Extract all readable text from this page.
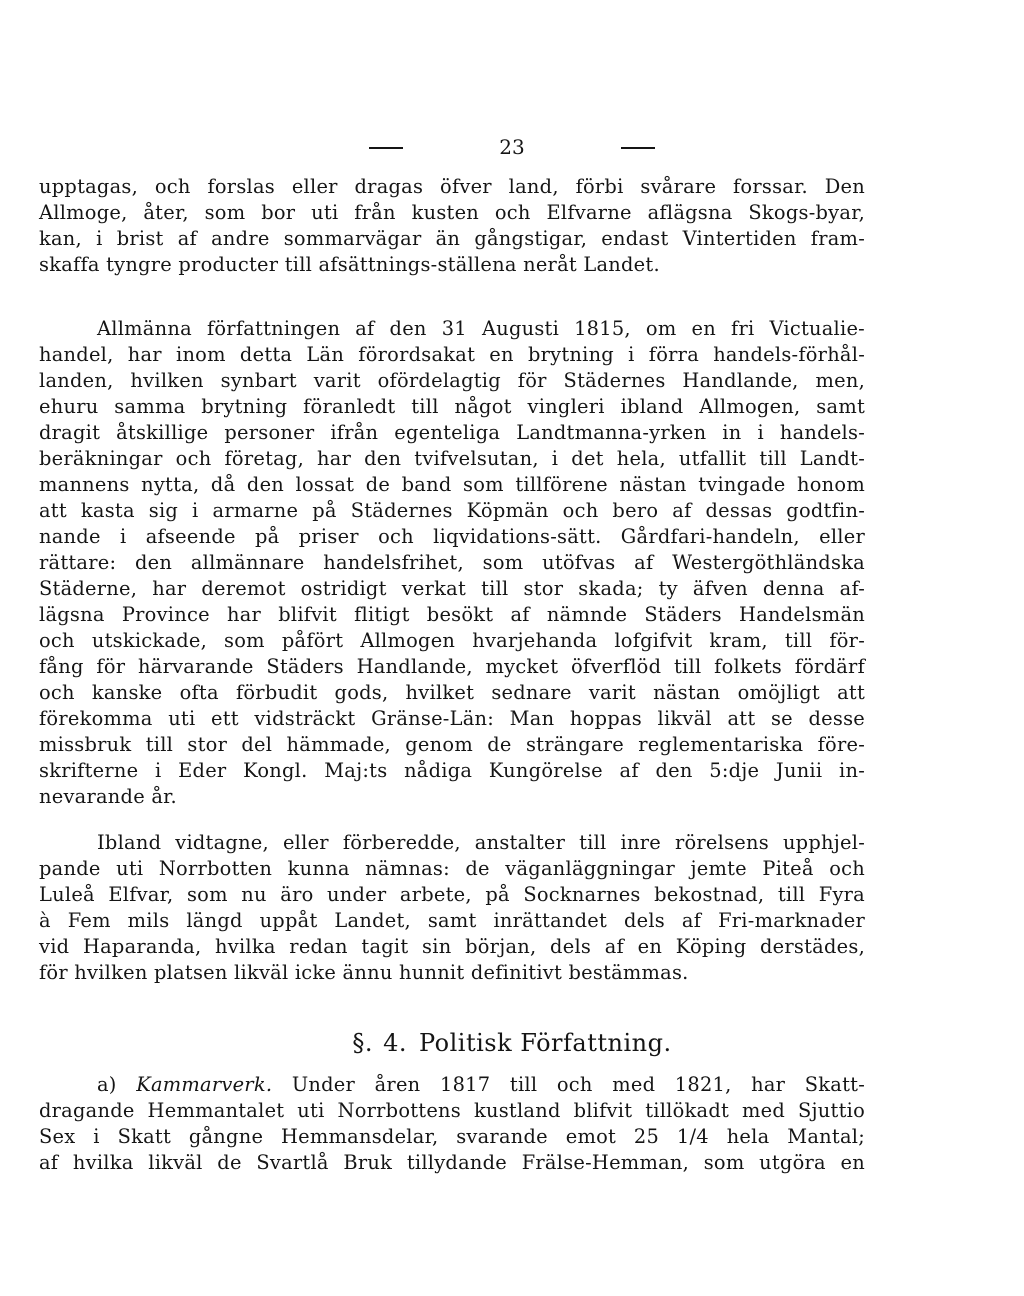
23
upptagas, och forslas eller dragas öfver land, förbi svårare forssar. Den
Allmoge, åter, som bor uti från kusten och Elfvarne aflägsna Skogs-byar,
kan, i brist af andre sommarvägar än gångstigar, endast Vintertiden fram-
skaffa tyngre producter till afsättnings-ställena neråt Landet.
Allmänna författningen af den 31 Augusti 1815, om en fri Victualie-
handel, har inom detta Län förordsakat en brytning i förra handels-förhål-
landen, hvilken synbart varit ofördelagtig för Städernes Handlande, men,
ehuru samma brytning föranledt till något vingleri ibland Allmogen, samt
dragit åtskillige personer ifrån egenteliga Landtmanna-yrken in i handels-
beräkningar och företag, har den tvifvelsutan, i det hela, utfallit till Landt-
mannens nytta, då den lossat de band som tillförene nästan tvingade honom
att kasta sig i armarne på Städernes Köpmän och bero af dessas godtfin-
nande i afseende på priser och liqvidations-sätt. Gårdfari-handeln, eller
rättare: den allmännare handelsfrihet, som utöfvas af Westergöthländska
Städerne, har deremot ostridigt verkat till stor skada; ty äfven denna af-
lägsna Province har blifvit flitigt besökt af nämnde Städers Handelsmän
och utskickade, som påfört Allmogen hvarjehanda lofgifvit kram, till för-
fång för härvarande Städers Handlande, mycket öfverflöd till folkets fördärf
och kanske ofta förbudit gods, hvilket sednare varit nästan omöjligt att
förekomma uti ett vidsträckt Gränse-Län: Man hoppas likväl att se desse
missbruk till stor del hämmade, genom de strängare reglementariska före-
skrifterne i Eder Kongl. Maj:ts nådiga Kungörelse af den 5:dje Junii in-
nevarande år.
Ibland vidtagne, eller förberedde, anstalter till inre rörelsens upphjel-
pande uti Norrbotten kunna nämnas: de väganläggningar jemte Piteå och
Luleå Elfvar, som nu äro under arbete, på Socknarnes bekostnad, till Fyra
à Fem mils längd uppåt Landet, samt inrättandet dels af Fri-marknader
vid Haparanda, hvilka redan tagit sin början, dels af en Köping derstädes,
för hvilken platsen likväl icke ännu hunnit definitivt bestämmas.
§. 4. Politisk Författning.
a) Kammarverk. Under åren 1817 till och med 1821, har Skatt-
dragande Hemmantalet uti Norrbottens kustland blifvit tillökadt med Sjuttio
Sex i Skatt gångne Hemmansdelar, svarande emot 25 1/4 hela Mantal;
af hvilka likväl de Svartlå Bruk tillydande Frälse-Hemman, som utgöra en
